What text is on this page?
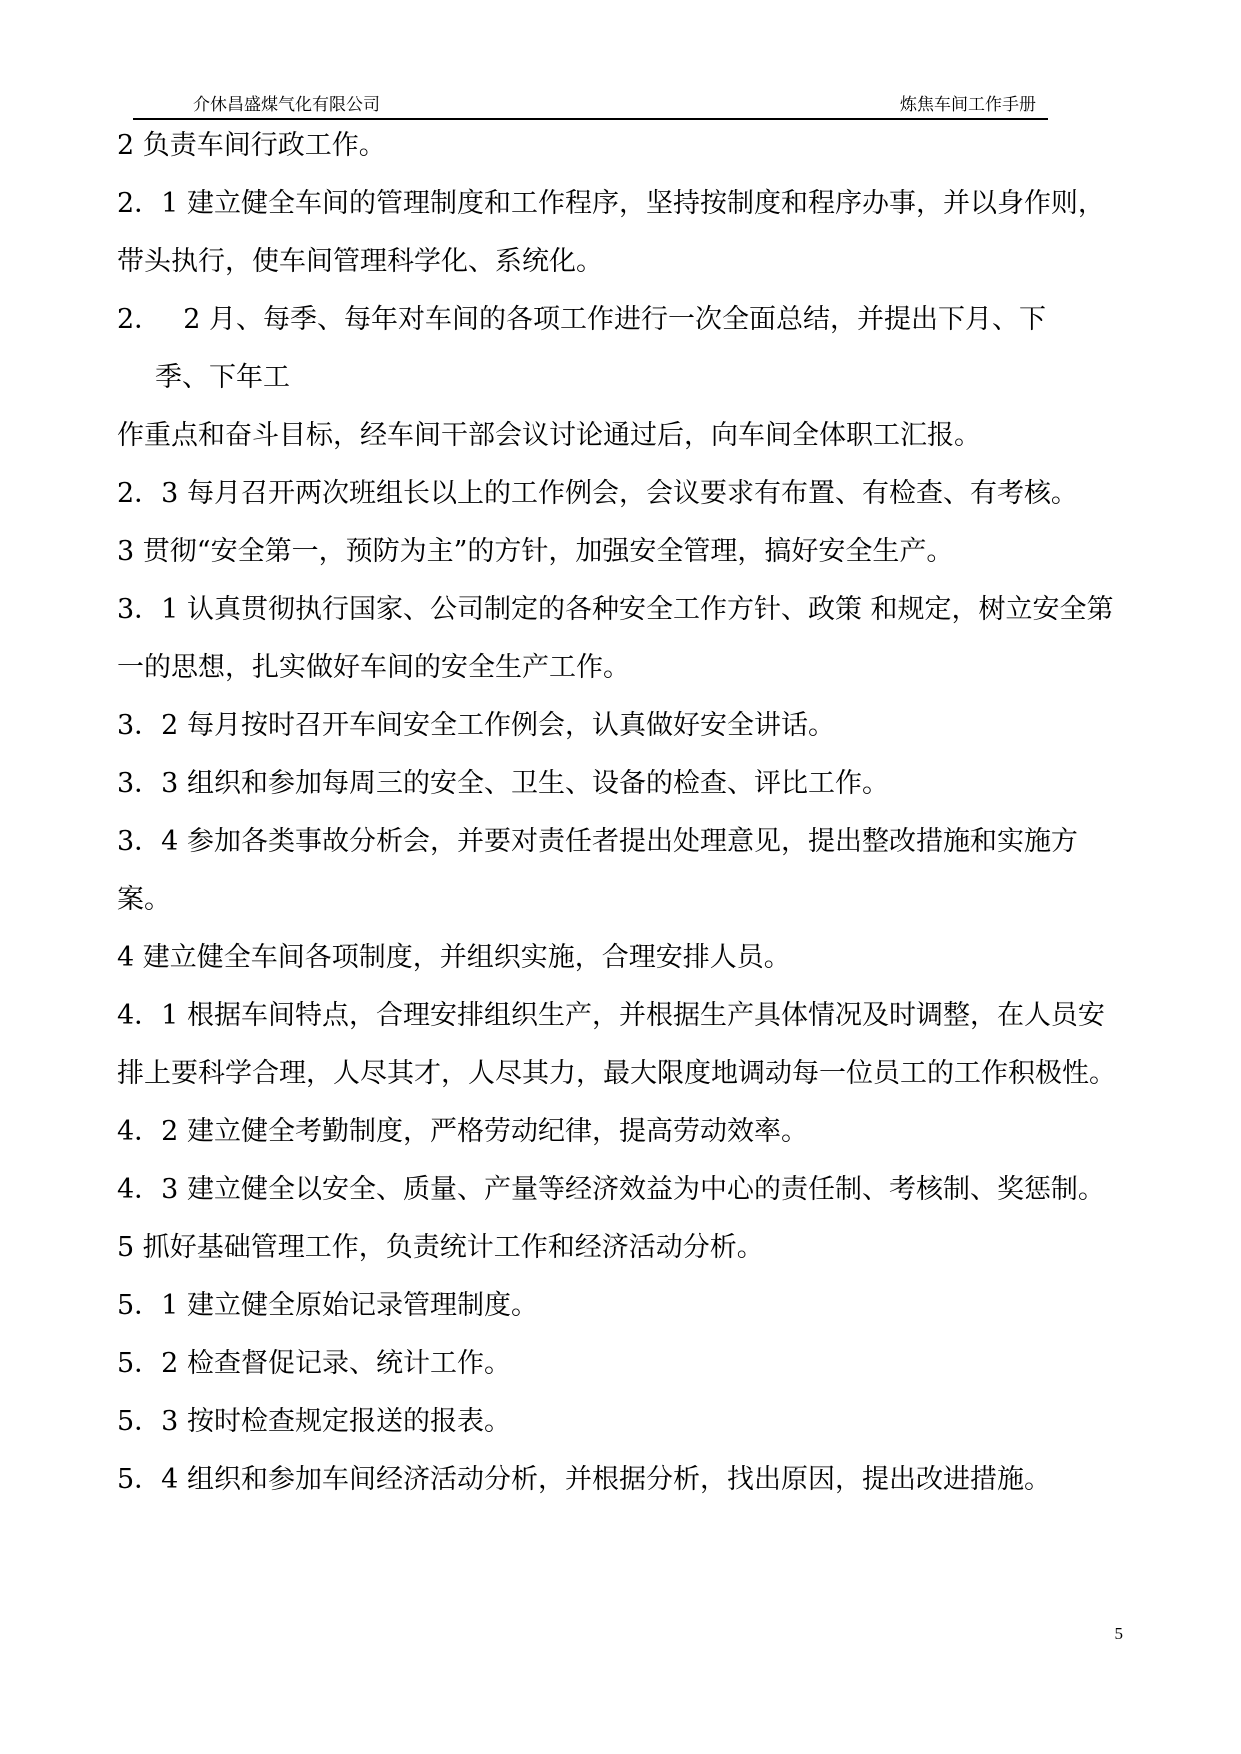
介休昌盛煤气化有限公司	炼焦车间工作手册

2 负责车间行政工作。

2．1 建立健全车间的管理制度和工作程序，坚持按制度和程序办事，并以身作则，带头执行，使车间管理科学化、系统化。

2．　 2 月、每季、每年对车间的各项工作进行一次全面总结，并提出下月、下

季、下年工

作重点和奋斗目标，经车间干部会议讨论通过后，向车间全体职工汇报。

2．3 每月召开两次班组长以上的工作例会，会议要求有布置、有检查、有考核。

3 贯彻“安全第一，预防为主”的方针，加强安全管理，搞好安全生产。

3．1 认真贯彻执行国家、公司制定的各种安全工作方针、政策 和规定，树立安全第一的思想，扎实做好车间的安全生产工作。

3．2 每月按时召开车间安全工作例会，认真做好安全讲话。

3．3 组织和参加每周三的安全、卫生、设备的检查、评比工作。

3．4 参加各类事故分析会，并要对责任者提出处理意见，提出整改措施和实施方案。

4 建立健全车间各项制度，并组织实施，合理安排人员。

4．1 根据车间特点，合理安排组织生产，并根据生产具体情况及时调整，在人员安排上要科学合理，人尽其才，人尽其力，最大限度地调动每一位员工的工作积极性。

4．2 建立健全考勤制度，严格劳动纪律，提高劳动效率。

4．3 建立健全以安全、质量、产量等经济效益为中心的责任制、考核制、奖惩制。

5 抓好基础管理工作，负责统计工作和经济活动分析。

5．1 建立健全原始记录管理制度。

5．2 检查督促记录、统计工作。

5．3 按时检查规定报送的报表。

5．4 组织和参加车间经济活动分析，并根据分析，找出原因，提出改进措施。

5
